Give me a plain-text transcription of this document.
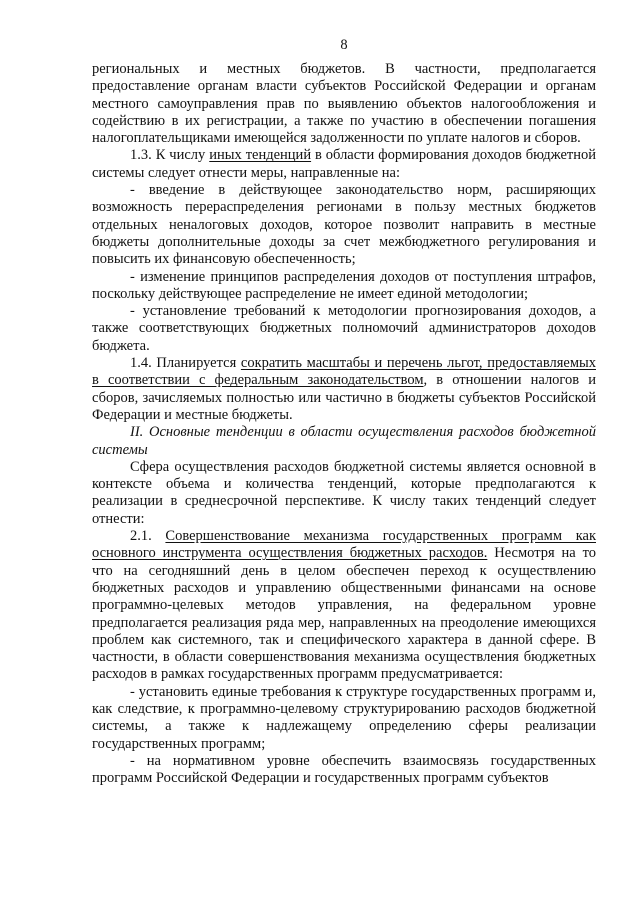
8

региональных и местных бюджетов. В частности, предполагается предоставление органам власти субъектов Российской Федерации и органам местного самоуправления прав по выявлению объектов налогообложения и содействию в их регистрации, а также по участию в обеспечении погашения налогоплательщиками имеющейся задолженности по уплате налогов и сборов.

1.3. К числу иных тенденций в области формирования доходов бюджетной системы следует отнести меры, направленные на:

- введение в действующее законодательство норм, расширяющих возможность перераспределения регионами в пользу местных бюджетов отдельных неналоговых доходов, которое позволит направить в местные бюджеты дополнительные доходы за счет межбюджетного регулирования и повысить их финансовую обеспеченность;

- изменение принципов распределения доходов от поступления штрафов, поскольку действующее распределение не имеет единой методологии;

- установление требований к методологии прогнозирования доходов, а также соответствующих бюджетных полномочий администраторов доходов бюджета.

1.4. Планируется сократить масштабы и перечень льгот, предоставляемых в соответствии с федеральным законодательством, в отношении налогов и сборов, зачисляемых полностью или частично в бюджеты субъектов Российской Федерации и местные бюджеты.

II. Основные тенденции в области осуществления расходов бюджетной системы

Сфера осуществления расходов бюджетной системы является основной в контексте объема и количества тенденций, которые предполагаются к реализации в среднесрочной перспективе. К числу таких тенденций следует отнести:

2.1. Совершенствование механизма государственных программ как основного инструмента осуществления бюджетных расходов. Несмотря на то что на сегодняшний день в целом обеспечен переход к осуществлению бюджетных расходов и управлению общественными финансами на основе программно-целевых методов управления, на федеральном уровне предполагается реализация ряда мер, направленных на преодоление имеющихся проблем как системного, так и специфического характера в данной сфере. В частности, в области совершенствования механизма осуществления бюджетных расходов в рамках государственных программ предусматривается:

- установить единые требования к структуре государственных программ и, как следствие, к программно-целевому структурированию расходов бюджетной системы, а также к надлежащему определению сферы реализации государственных программ;

- на нормативном уровне обеспечить взаимосвязь государственных программ Российской Федерации и государственных программ субъектов
